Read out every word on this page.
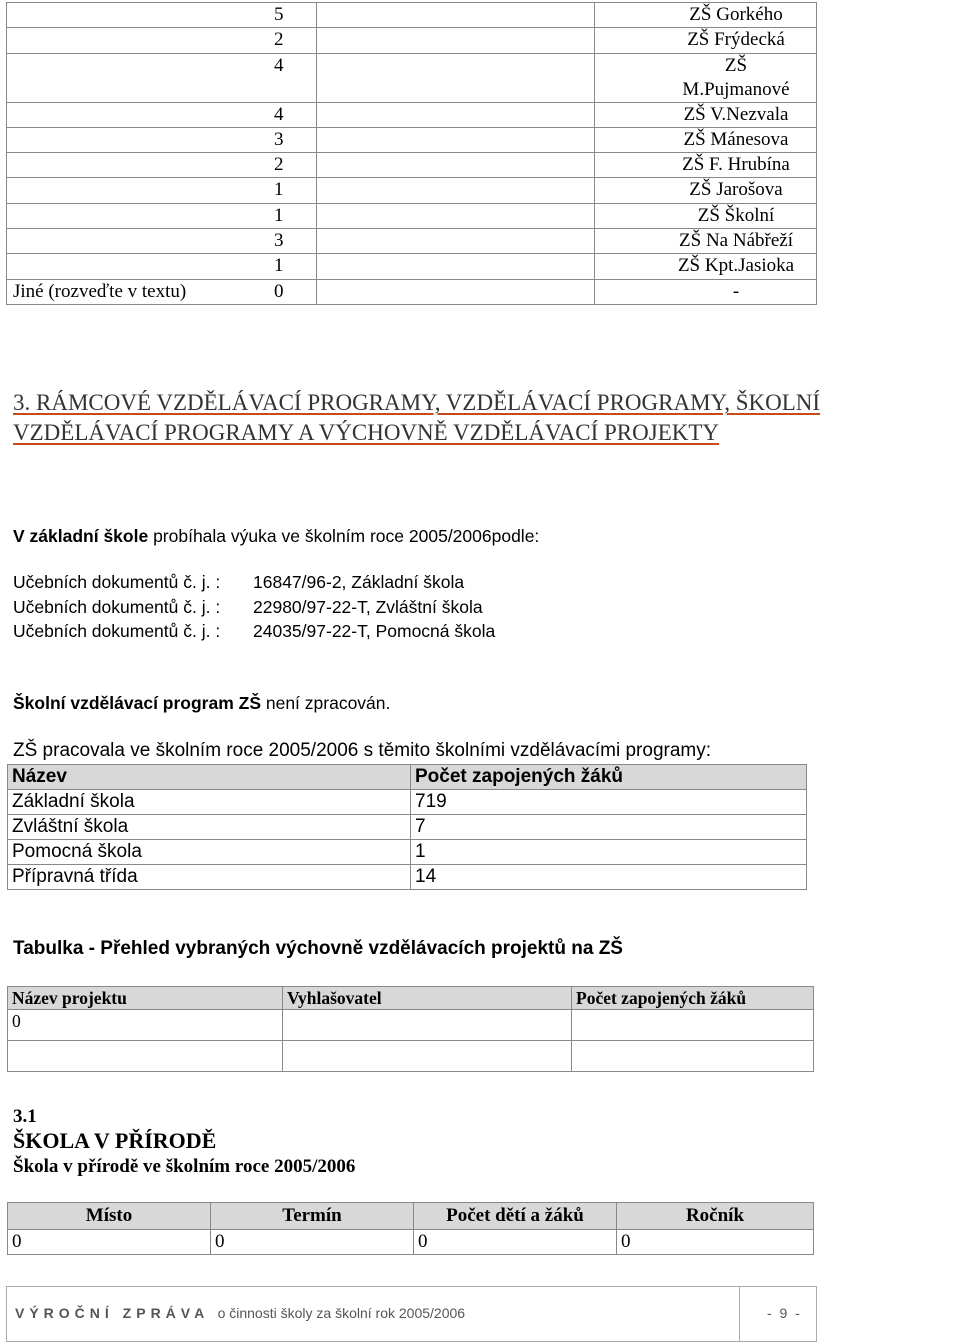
5		ZŠ Gorkého

2		ZŠ Frýdecká

4		ZŠ M.Pujmanové

4		ZŠ V.Nezvala

3		ZŠ Mánesova

2		ZŠ F. Hrubína

1		ZŠ Jarošova

1		ZŠ Školní

3		ZŠ Na Nábřeží

1		ZŠ Kpt.Jasioka

Jiné (rozveďte v textu) 0		-
3. RÁMCOVÉ VZDĚLÁVACÍ PROGRAMY, VZDĚLÁVACÍ PROGRAMY, ŠKOLNÍ VZDĚLÁVACÍ PROGRAMY A VÝCHOVNĚ VZDĚLÁVACÍ PROJEKTY
V základní škole probíhala výuka ve školním roce 2005/2006podle:
Učebních dokumentů č. j. : 16847/96-2, Základní škola
Učebních dokumentů č. j. : 22980/97-22-T, Zvláštní škola
Učebních dokumentů č. j. : 24035/97-22-T, Pomocná škola
Školní vzdělávací program ZŠ není zpracován.
ZŠ pracovala ve školním roce 2005/2006 s těmito školními vzdělávacími programy:
Název	Počet zapojených žáků
Základní škola	719
Zvláštní škola	7
Pomocná škola	1
Přípravná třída	14
Tabulka - Přehled vybraných výchovně vzdělávacích projektů na ZŠ
Název projektu	Vyhlašovatel	Počet zapojených žáků
0		

3.1
ŠKOLA V PŘÍRODĚ
Škola v přírodě ve školním roce 2005/2006
Místo	Termín	Počet dětí a žáků	Ročník
0	0	0	0
VÝROČNÍ ZPRÁVA o činnosti školy za školní rok 2005/2006	- 9 -
